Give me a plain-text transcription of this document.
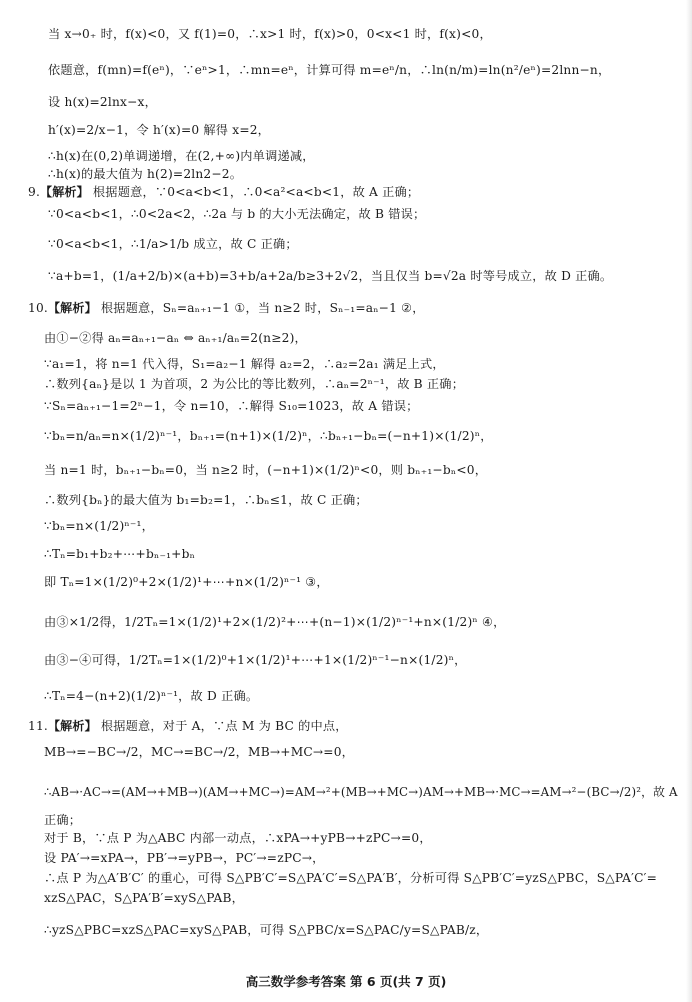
当 x→0₊ 时，f(x)<0，又 f(1)=0，∴x>1 时，f(x)>0，0<x<1 时，f(x)<0，
依题意，f(mn)=f(eⁿ)，∵eⁿ>1，∴mn=eⁿ，计算可得 m=eⁿ/n，∴ln(n/m)=ln(n²/eⁿ)=2lnn−n，
设 h(x)=2lnx−x，
h′(x)=2/x−1，令 h′(x)=0 解得 x=2，
∴h(x)在(0,2)单调递增，在(2,+∞)内单调递减，
∴h(x)的最大值为 h(2)=2ln2−2。
9.【解析】 根据题意，∵0<a<b<1，∴0<a²<a<b<1，故 A 正确；
∵0<a<b<1，∴0<2a<2，∴2a 与 b 的大小无法确定，故 B 错误；
∵0<a<b<1，∴1/a>1/b 成立，故 C 正确；
∵a+b=1，(1/a+2/b)×(a+b)=3+b/a+2a/b≥3+2√2，当且仅当 b=√2a 时等号成立，故 D 正确。
10.【解析】 根据题意，Sₙ=aₙ₊₁−1 ①，当 n≥2 时，Sₙ₋₁=aₙ−1 ②，
由①−②得 aₙ=aₙ₊₁−aₙ ⇔ aₙ₊₁/aₙ=2(n≥2)，
∵a₁=1，将 n=1 代入得，S₁=a₂−1 解得 a₂=2，∴a₂=2a₁ 满足上式，
∴数列{aₙ}是以 1 为首项，2 为公比的等比数列，∴aₙ=2ⁿ⁻¹，故 B 正确；
∵Sₙ=aₙ₊₁−1=2ⁿ−1，令 n=10，∴解得 S₁₀=1023，故 A 错误；
∵bₙ=n/aₙ=n×(1/2)ⁿ⁻¹，bₙ₊₁=(n+1)×(1/2)ⁿ，∴bₙ₊₁−bₙ=(−n+1)×(1/2)ⁿ，
当 n=1 时，bₙ₊₁−bₙ=0，当 n≥2 时，(−n+1)×(1/2)ⁿ<0，则 bₙ₊₁−bₙ<0，
∴数列{bₙ}的最大值为 b₁=b₂=1，∴bₙ≤1，故 C 正确；
∵bₙ=n×(1/2)ⁿ⁻¹，
∴Tₙ=b₁+b₂+⋯+bₙ₋₁+bₙ
即 Tₙ=1×(1/2)⁰+2×(1/2)¹+⋯+n×(1/2)ⁿ⁻¹ ③，
由③×1/2得，1/2Tₙ=1×(1/2)¹+2×(1/2)²+⋯+(n−1)×(1/2)ⁿ⁻¹+n×(1/2)ⁿ ④，
由③−④可得，1/2Tₙ=1×(1/2)⁰+1×(1/2)¹+⋯+1×(1/2)ⁿ⁻¹−n×(1/2)ⁿ，
∴Tₙ=4−(n+2)(1/2)ⁿ⁻¹，故 D 正确。
11.【解析】 根据题意，对于 A，∵点 M 为 BC 的中点，
MB→=−BC→/2，MC→=BC→/2，MB→+MC→=0，
∴AB→·AC→=(AM→+MB→)(AM→+MC→)=AM→²+(MB→+MC→)AM→+MB→·MC→=AM→²−(BC→/2)²，故 A
正确；
对于 B，∵点 P 为△ABC 内部一动点，∴xPA→+yPB→+zPC→=0，
设 PA′→=xPA→，PB′→=yPB→，PC′→=zPC→，
∴点 P 为△A′B′C′ 的重心，可得 S△PB′C′=S△PA′C′=S△PA′B′，分析可得 S△PB′C′=yzS△PBC，S△PA′C′=
xzS△PAC，S△PA′B′=xyS△PAB，
∴yzS△PBC=xzS△PAC=xyS△PAB，可得 S△PBC/x=S△PAC/y=S△PAB/z，
高三数学参考答案 第 6 页(共 7 页)
